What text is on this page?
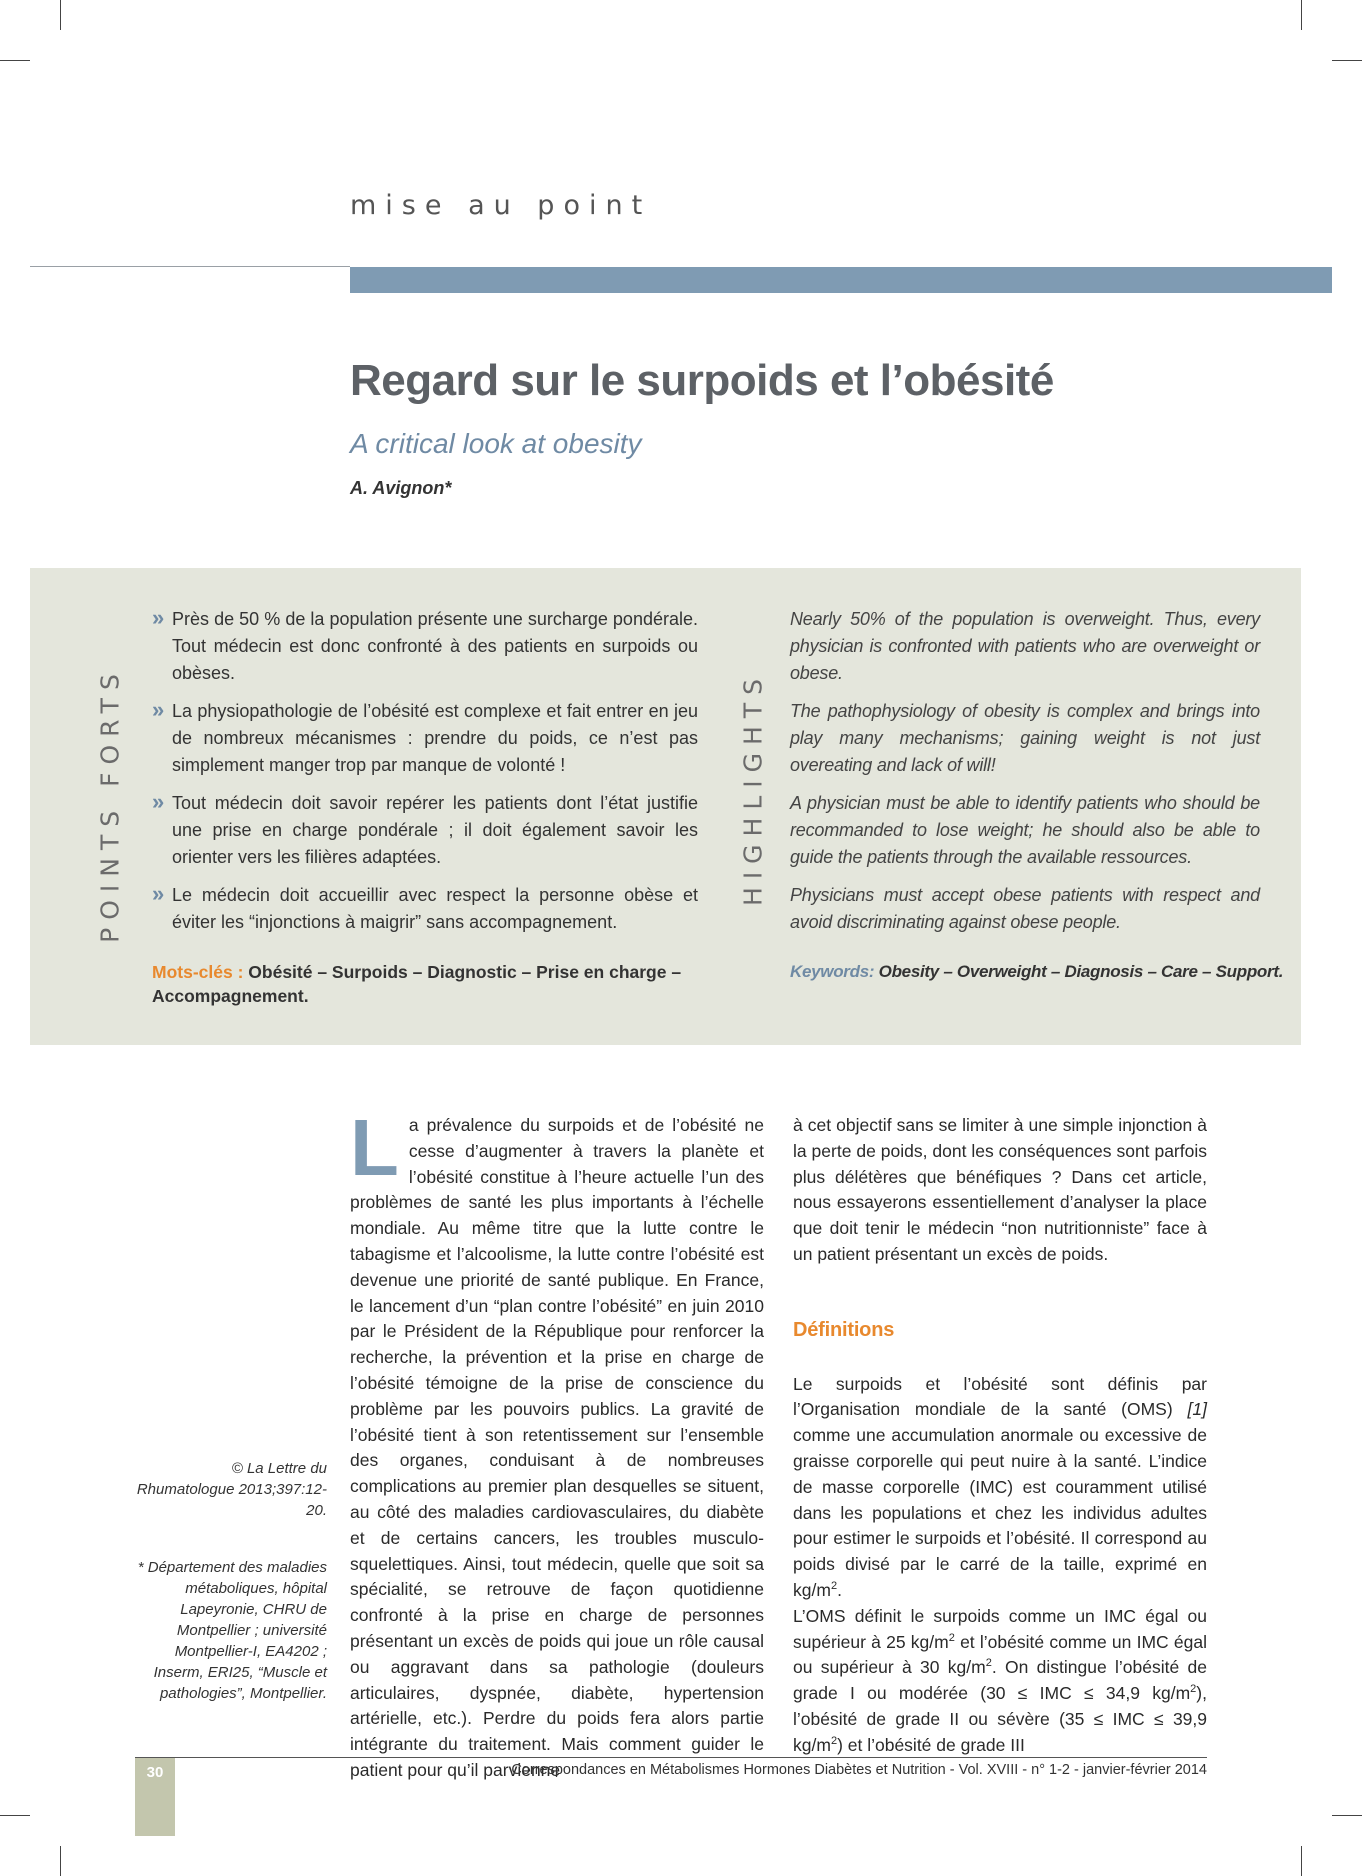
mise au point
Regard sur le surpoids et l’obésité
A critical look at obesity
A. Avignon*
POINTS FORTS	HIGHLIGHTS
» Près de 50 % de la population présente une surcharge pondérale. Tout médecin est donc confronté à des patients en surpoids ou obèses.
» La physiopathologie de l’obésité est complexe et fait entrer en jeu de nombreux mécanismes : prendre du poids, ce n’est pas simplement manger trop par manque de volonté !
» Tout médecin doit savoir repérer les patients dont l’état justifie une prise en charge pondérale ; il doit également savoir les orienter vers les filières adaptées.
» Le médecin doit accueillir avec respect la personne obèse et éviter les “injonctions à maigrir” sans accompagnement.
Mots-clés : Obésité – Surpoids – Diagnostic – Prise en charge – Accompagnement.
Nearly 50% of the population is overweight. Thus, every physician is confronted with patients who are overweight or obese.
The pathophysiology of obesity is complex and brings into play many mechanisms; gaining weight is not just overeating and lack of will!
A physician must be able to identify patients who should be recommanded to lose weight; he should also be able to guide the patients through the available ressources.
Physicians must accept obese patients with respect and avoid discriminating against obese people.
Keywords: Obesity – Overweight – Diagnosis – Care – Support.
© La Lettre du Rhumatologue 2013;397:12-20.
* Département des maladies métaboliques, hôpital Lapeyronie, CHRU de Montpellier ; université Montpellier-I, EA4202 ; Inserm, ERI25, “Muscle et pathologies”, Montpellier.
L a prévalence du surpoids et de l’obésité ne cesse d’augmenter à travers la planète et l’obésité constitue à l’heure actuelle l’un des problèmes de santé les plus importants à l’échelle mondiale. Au même titre que la lutte contre le tabagisme et l’alcoolisme, la lutte contre l’obésité est devenue une priorité de santé publique. En France, le lancement d’un “plan contre l’obésité” en juin 2010 par le Président de la République pour renforcer la recherche, la prévention et la prise en charge de l’obésité témoigne de la prise de conscience du problème par les pouvoirs publics. La gravité de l’obésité tient à son retentissement sur l’ensemble des organes, conduisant à de nombreuses complications au premier plan desquelles se situent, au côté des maladies cardiovasculaires, du diabète et de certains cancers, les troubles musculo-squelettiques. Ainsi, tout médecin, quelle que soit sa spécialité, se retrouve de façon quotidienne confronté à la prise en charge de personnes présentant un excès de poids qui joue un rôle causal ou aggravant dans sa pathologie (douleurs articulaires, dyspnée, diabète, hypertension artérielle, etc.). Perdre du poids fera alors partie intégrante du traitement. Mais comment guider le patient pour qu’il parvienne

à cet objectif sans se limiter à une simple injonction à la perte de poids, dont les conséquences sont parfois plus délétères que bénéfiques ? Dans cet article, nous essayerons essentiellement d’analyser la place que doit tenir le médecin “non nutritionniste” face à un patient présentant un excès de poids.

Définitions

Le surpoids et l’obésité sont définis par l’Organisation mondiale de la santé (OMS) [1] comme une accumulation anormale ou excessive de graisse corporelle qui peut nuire à la santé. L’indice de masse corporelle (IMC) est couramment utilisé dans les populations et chez les individus adultes pour estimer le surpoids et l’obésité. Il correspond au poids divisé par le carré de la taille, exprimé en $kg/m^2$.

L’OMS définit le surpoids comme un IMC égal ou supérieur à 25 $kg/m^2$ et l’obésité comme un IMC égal ou supérieur à 30 $kg/m^2$. On distingue l’obésité de grade I ou modérée (30 ≤ IMC ≤ 34,9 $kg/m^2$), l’obésité de grade II ou sévère (35 ≤ IMC ≤ 39,9 $kg/m^2$) et l’obésité de grade III

30	Correspondances en Métabolismes Hormones Diabètes et Nutrition - Vol. XVIII - n° 1-2 - janvier-février 2014
